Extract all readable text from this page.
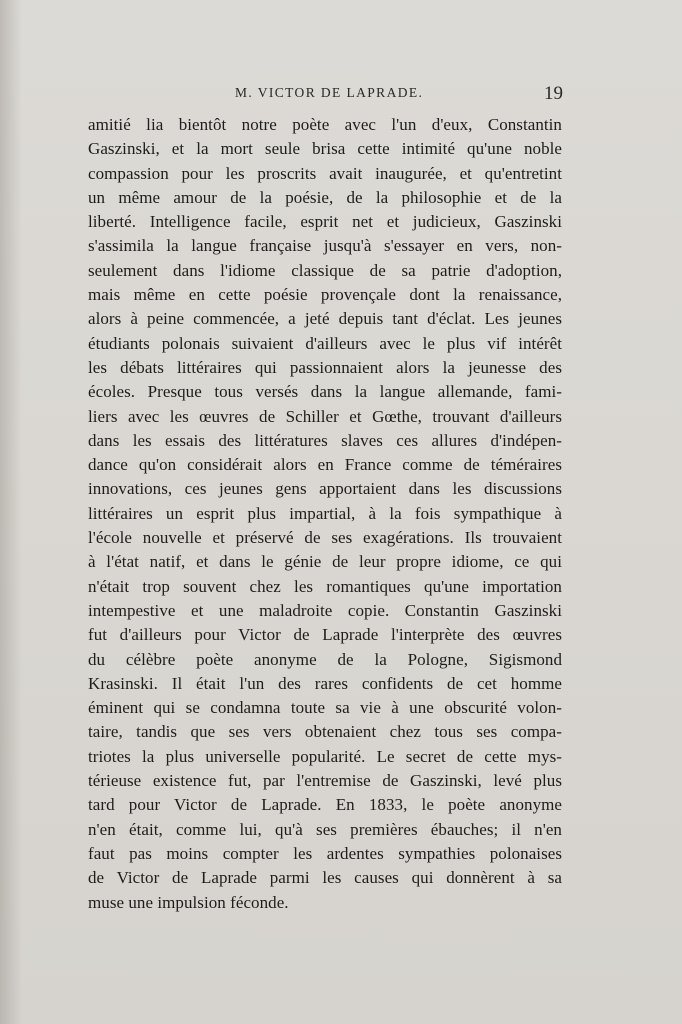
M. VICTOR DE LAPRADE.	19
amitié lia bientôt notre poète avec l'un d'eux, Constantin
Gaszinski, et la mort seule brisa cette intimité qu'une noble
compassion pour les proscrits avait inaugurée, et qu'entretint
un même amour de la poésie, de la philosophie et de la
liberté. Intelligence facile, esprit net et judicieux, Gaszinski
s'assimila la langue française jusqu'à s'essayer en vers, non-
seulement dans l'idiome classique de sa patrie d'adoption,
mais même en cette poésie provençale dont la renaissance,
alors à peine commencée, a jeté depuis tant d'éclat. Les jeunes
étudiants polonais suivaient d'ailleurs avec le plus vif intérêt
les débats littéraires qui passionnaient alors la jeunesse des
écoles. Presque tous versés dans la langue allemande, fami-
liers avec les œuvres de Schiller et Gœthe, trouvant d'ailleurs
dans les essais des littératures slaves ces allures d'indépen-
dance qu'on considérait alors en France comme de téméraires
innovations, ces jeunes gens apportaient dans les discussions
littéraires un esprit plus impartial, à la fois sympathique à
l'école nouvelle et préservé de ses exagérations. Ils trouvaient
à l'état natif, et dans le génie de leur propre idiome, ce qui
n'était trop souvent chez les romantiques qu'une importation
intempestive et une maladroite copie. Constantin Gaszinski
fut d'ailleurs pour Victor de Laprade l'interprète des œuvres
du célèbre poète anonyme de la Pologne, Sigismond
Krasinski. Il était l'un des rares confidents de cet homme
éminent qui se condamna toute sa vie à une obscurité volon-
taire, tandis que ses vers obtenaient chez tous ses compa-
triotes la plus universelle popularité. Le secret de cette mys-
térieuse existence fut, par l'entremise de Gaszinski, levé plus
tard pour Victor de Laprade. En 1833, le poète anonyme
n'en était, comme lui, qu'à ses premières ébauches; il n'en
faut pas moins compter les ardentes sympathies polonaises
de Victor de Laprade parmi les causes qui donnèrent à sa
muse une impulsion féconde.
